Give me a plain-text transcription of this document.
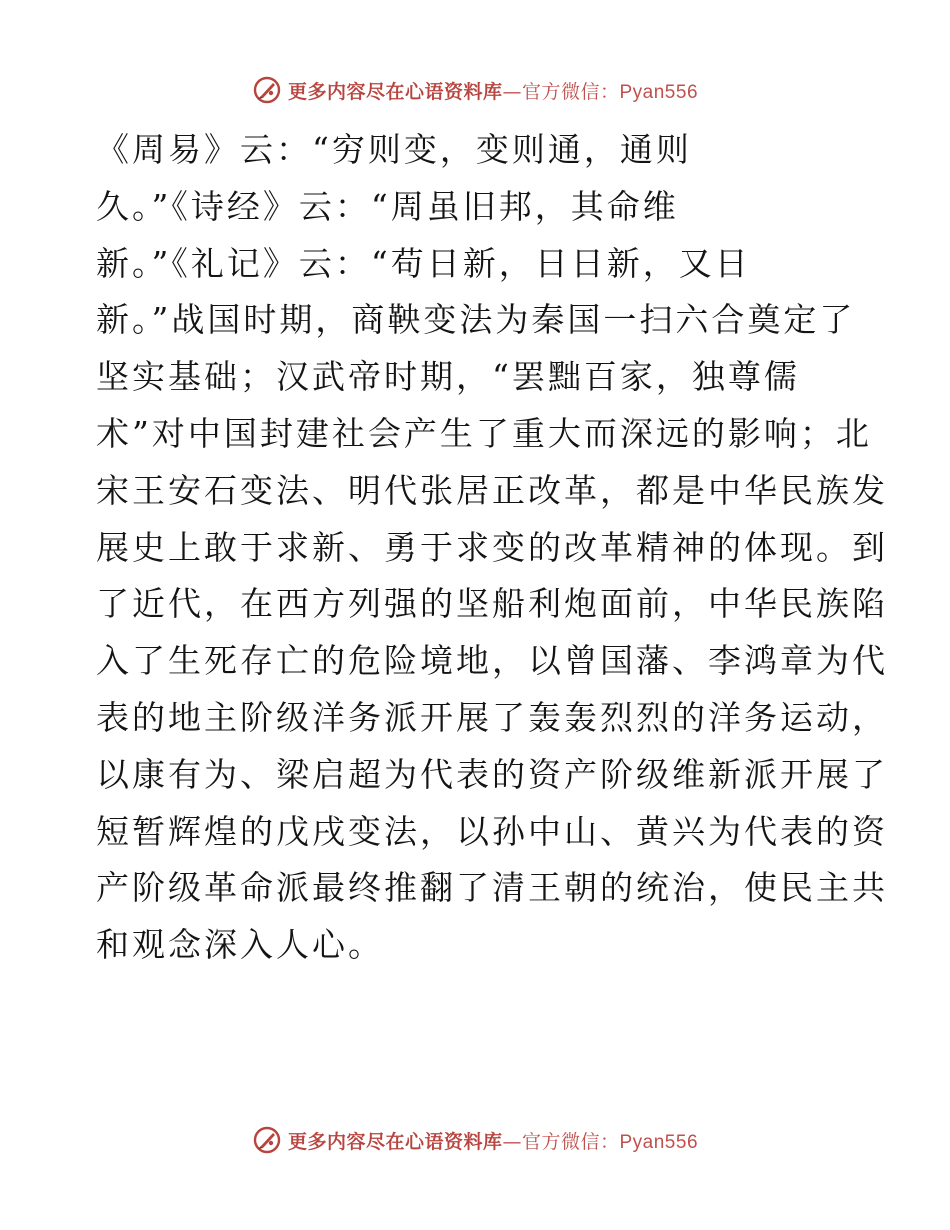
更多内容尽在心语资料库—官方微信：Pyan556
《周易》云：“穷则变，变则通，通则
久。”《诗经》云：“周虽旧邦，其命维
新。”《礼记》云：“苟日新，日日新，又日
新。”战国时期，商鞅变法为秦国一扫六合奠定了
坚实基础；汉武帝时期，“罢黜百家，独尊儒
术”对中国封建社会产生了重大而深远的影响；北
宋王安石变法、明代张居正改革，都是中华民族发
展史上敢于求新、勇于求变的改革精神的体现。到
了近代，在西方列强的坚船利炮面前，中华民族陷
入了生死存亡的危险境地，以曾国藩、李鸿章为代
表的地主阶级洋务派开展了轰轰烈烈的洋务运动，
以康有为、梁启超为代表的资产阶级维新派开展了
短暂辉煌的戊戌变法，以孙中山、黄兴为代表的资
产阶级革命派最终推翻了清王朝的统治，使民主共
和观念深入人心。
更多内容尽在心语资料库—官方微信：Pyan556
